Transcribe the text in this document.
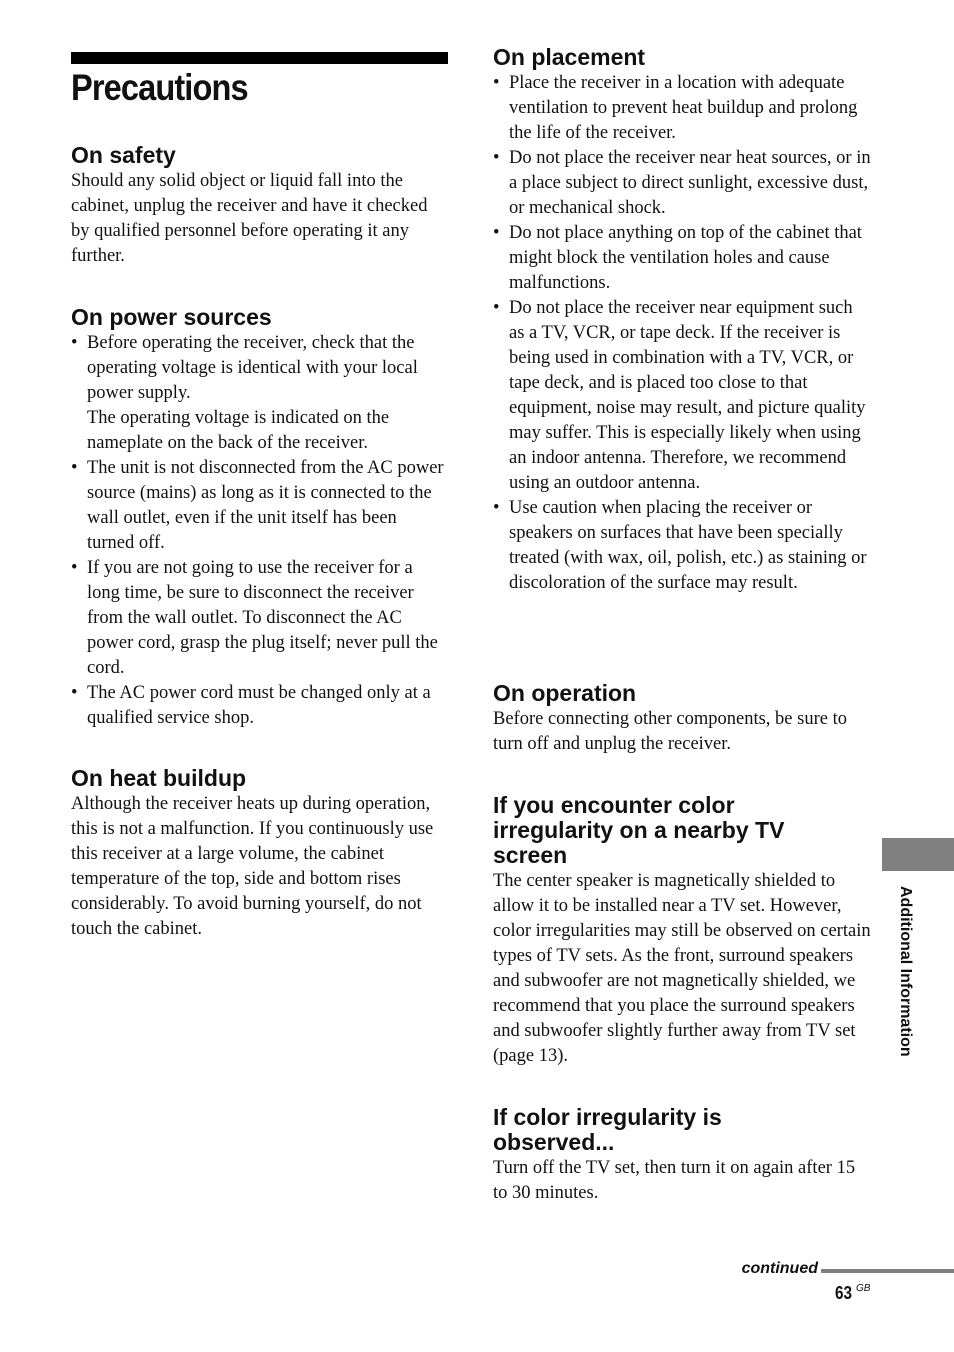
Precautions
On safety

Should any solid object or liquid fall into the cabinet, unplug the receiver and have it checked by qualified personnel before operating it any further.

On power sources
• Before operating the receiver, check that the operating voltage is identical with your local power supply.
The operating voltage is indicated on the nameplate on the back of the receiver.
• The unit is not disconnected from the AC power source (mains) as long as it is connected to the wall outlet, even if the unit itself has been turned off.
• If you are not going to use the receiver for a long time, be sure to disconnect the receiver from the wall outlet. To disconnect the AC power cord, grasp the plug itself; never pull the cord.
• The AC power cord must be changed only at a qualified service shop.
On heat buildup

Although the receiver heats up during operation, this is not a malfunction. If you continuously use this receiver at a large volume, the cabinet temperature of the top, side and bottom rises considerably. To avoid burning yourself, do not touch the cabinet.

On placement
• Place the receiver in a location with adequate ventilation to prevent heat buildup and prolong the life of the receiver.
• Do not place the receiver near heat sources, or in a place subject to direct sunlight, excessive dust, or mechanical shock.
• Do not place anything on top of the cabinet that might block the ventilation holes and cause malfunctions.
• Do not place the receiver near equipment such as a TV, VCR, or tape deck. If the receiver is being used in combination with a TV, VCR, or tape deck, and is placed too close to that equipment, noise may result, and picture quality may suffer. This is especially likely when using an indoor antenna. Therefore, we recommend using an outdoor antenna.
• Use caution when placing the receiver or speakers on surfaces that have been specially treated (with wax, oil, polish, etc.) as staining or discoloration of the surface may result.
On operation

Before connecting other components, be sure to turn off and unplug the receiver.

If you encounter color irregularity on a nearby TV screen

The center speaker is magnetically shielded to allow it to be installed near a TV set. However, color irregularities may still be observed on certain types of TV sets. As the front, surround speakers and subwoofer are not magnetically shielded, we recommend that you place the surround speakers and subwoofer slightly further away from TV set (page 13).

If color irregularity is observed...

Turn off the TV set, then turn it on again after 15 to 30 minutes.

Additional Information
continued
63 GB
